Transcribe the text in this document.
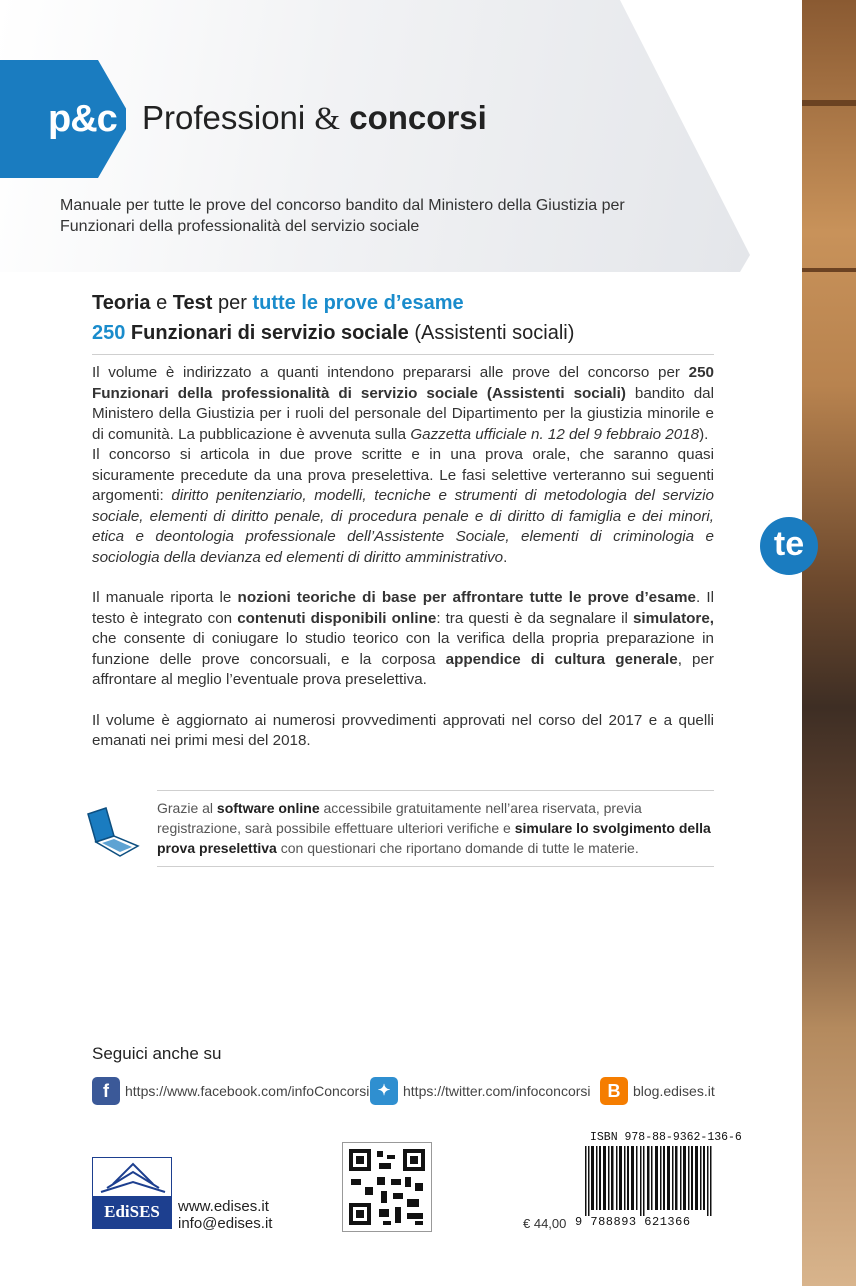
p&c Professioni & concorsi
Manuale per tutte le prove del concorso bandito dal Ministero della Giustizia per Funzionari della professionalità del servizio sociale
Teoria e Test per tutte le prove d’esame
250 Funzionari di servizio sociale (Assistenti sociali)

Il volume è indirizzato a quanti intendono prepararsi alle prove del concorso per 250 Funzionari della professionalità di servizio sociale (Assistenti sociali) bandito dal Ministero della Giustizia per i ruoli del personale del Dipartimento per la giustizia minorile e di comunità. La pubblicazione è avvenuta sulla Gazzetta ufficiale n. 12 del 9 febbraio 2018).

Il concorso si articola in due prove scritte e in una prova orale, che saranno quasi sicuramente precedute da una prova preselettiva. Le fasi selettive verteranno sui seguenti argomenti: diritto penitenziario, modelli, tecniche e strumenti di metodologia del servizio sociale, elementi di diritto penale, di procedura penale e di diritto di famiglia e dei minori, etica e deontologia professionale dell’Assistente Sociale, elementi di criminologia e sociologia della devianza ed elementi di diritto amministrativo.

Il manuale riporta le nozioni teoriche di base per affrontare tutte le prove d’esame. Il testo è integrato con contenuti disponibili online: tra questi è da segnalare il simulatore, che consente di coniugare lo studio teorico con la verifica della propria preparazione in funzione delle prove concorsuali, e la corposa appendice di cultura generale, per affrontare al meglio l’eventuale prova preselettiva.

Il volume è aggiornato ai numerosi provvedimenti approvati nel corso del 2017 e a quelli emanati nei primi mesi del 2018.

te
Grazie al software online accessibile gratuitamente nell’area riservata, previa registrazione, sarà possibile effettuare ulteriori verifiche e simulare lo svolgimento della prova preselettiva con questionari che riportano domande di tutte le materie.
Seguici anche su
f	https://www.facebook.com/infoConcorsi ✦ https://twitter.com/infoconcorsi B blog.edises.it
EdiSES	www.edises.it
info@edises.it	€ 44,00
ISBN 978-88-9362-136-6
9 788893 621366
